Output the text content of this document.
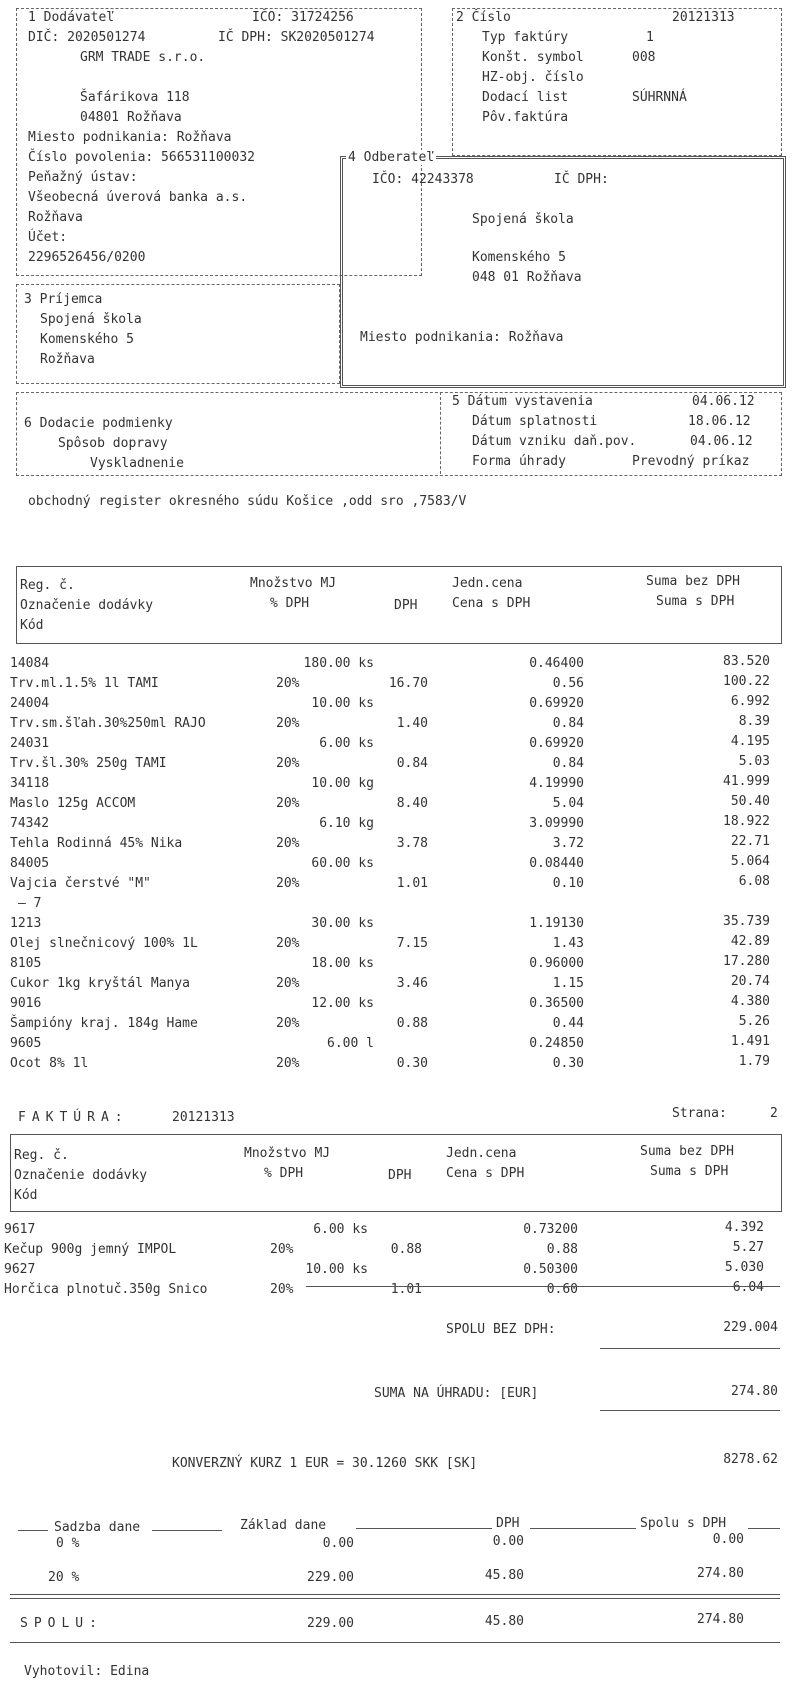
1 Dodávateľ	IČO: 31724256
DIČ: 2020501274	IČ DPH: SK2020501274
GRM TRADE s.r.o.
Šafárikova 118
04801 Rožňava
Miesto podnikania: Rožňava
Číslo povolenia: 566531100032
Peňažný ústav:
Všeobecná úverová banka a.s.
Rožňava
Účet:
2296526456/0200
2 Číslo	20121313
Typ faktúry	1
Konšt. symbol	008
HZ-obj. číslo
Dodací list	SÚHRNNÁ
Pôv.faktúra
4 Odberateľ
IČO: 42243378	IČ DPH:
Spojená škola
Komenského 5
048 01 Rožňava
Miesto podnikania: Rožňava
3 Príjemca
Spojená škola
Komenského 5
Rožňava
6 Dodacie podmienky
Spôsob dopravy
Vyskladnenie
5 Dátum vystavenia	04.06.12
Dátum splatnosti	18.06.12
Dátum vzniku daň.pov.	04.06.12
Forma úhrady	Prevodný príkaz
obchodný register okresného súdu Košice ,odd sro ,7583/V
Reg. č.
Označenie dodávky
Kód
Množstvo MJ
% DPH	DPH
Jedn.cena
Cena s DPH
Suma bez DPH
Suma s DPH
14084	180.00 ks	0.46400	83.520
Trv.ml.1.5% 1l TAMI	20%	16.70	0.56	100.22
24004	10.00 ks	0.69920	6.992
Trv.sm.šľah.30%250ml RAJO	20%	1.40	0.84	8.39
24031	6.00 ks	0.69920	4.195
Trv.šl.30% 250g TAMI	20%	0.84	0.84	5.03
34118	10.00 kg	4.19990	41.999
Maslo 125g ACCOM	20%	8.40	5.04	50.40
74342	6.10 kg	3.09990	18.922
Tehla Rodinná 45% Nika	20%	3.78	3.72	22.71
84005	60.00 ks	0.08440	5.064
Vajcia čerstvé "M"	20%	1.01	0.10	6.08
— 7
1213	30.00 ks	1.19130	35.739
Olej slnečnicový 100% 1L	20%	7.15	1.43	42.89
8105	18.00 ks	0.96000	17.280
Cukor 1kg kryštál Manya	20%	3.46	1.15	20.74
9016	12.00 ks	0.36500	4.380
Šampióny kraj. 184g Hame	20%	0.88	0.44	5.26
9605	6.00 l	0.24850	1.491
Ocot 8% 1l	20%	0.30	0.30	1.79
FAKTÚRA:	20121313	Strana:	2
Reg. č.
Označenie dodávky
Kód
Množstvo MJ
% DPH	DPH
Jedn.cena
Cena s DPH
Suma bez DPH
Suma s DPH
9617	6.00 ks	0.73200	4.392
Kečup 900g jemný IMPOL	20%	0.88	0.88	5.27
9627	10.00 ks	0.50300	5.030
Horčica plnotuč.350g Snico	20%	1.01	0.60	6.04
SPOLU BEZ DPH:	229.004
SUMA NA ÚHRADU: [EUR]	274.80
KONVERZNÝ KURZ 1 EUR = 30.1260 SKK [SK]	8278.62
Sadzba dane	Základ dane	DPH	Spolu s DPH
0 %	0.00	0.00	0.00
20 %	229.00	45.80	274.80
SPOLU:	229.00	45.80	274.80
Vyhotovil: Edina
